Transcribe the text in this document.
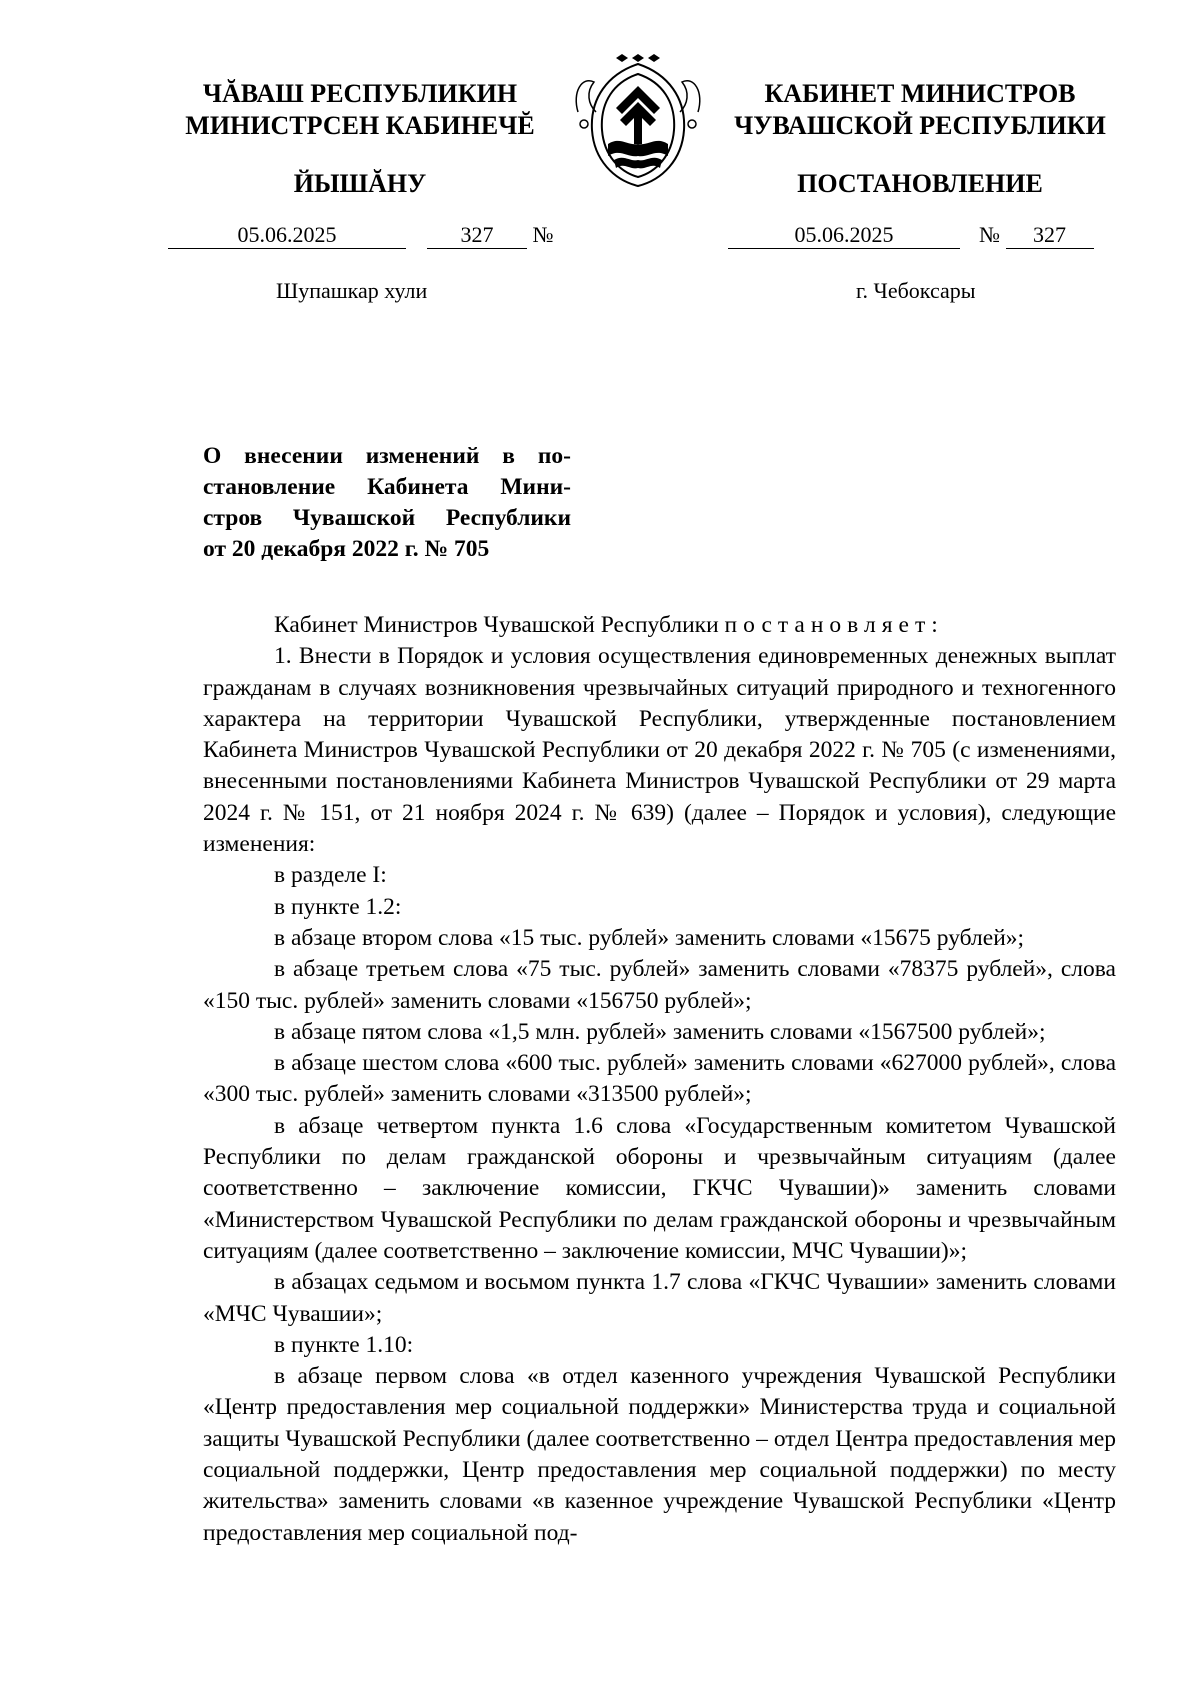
ЧĂВАШ РЕСПУБЛИКИН
МИНИСТРСЕН КАБИНЕЧĔ
ЙЫШĂНУ
КАБИНЕТ МИНИСТРОВ
ЧУВАШСКОЙ РЕСПУБЛИКИ
ПОСТАНОВЛЕНИЕ
05.06.2025	327 №	05.06.2025	№ 327
Шупашкар хули	г. Чебоксары
О внесении изменений в по-
становление Кабинета Мини-
стров Чувашской Республики
от 20 декабря 2022 г. № 705

Кабинет Министров Чувашской Республики постановляет:

1. Внести в Порядок и условия осуществления единовременных денежных выплат гражданам в случаях возникновения чрезвычайных ситуаций природного и техногенного характера на территории Чувашской Республики, утвержденные постановлением Кабинета Министров Чувашской Республики от 20 декабря 2022 г. № 705 (с изменениями, внесенными постановлениями Кабинета Министров Чувашской Республики от 29 марта 2024 г. № 151, от 21 ноября 2024 г. № 639) (далее – Порядок и условия), следующие изменения:

в разделе I:

в пункте 1.2:

в абзаце втором слова «15 тыс. рублей» заменить словами «15675 рублей»;

в абзаце третьем слова «75 тыс. рублей» заменить словами «78375 рублей», слова «150 тыс. рублей» заменить словами «156750 рублей»;

в абзаце пятом слова «1,5 млн. рублей» заменить словами «1567500 рублей»;

в абзаце шестом слова «600 тыс. рублей» заменить словами «627000 рублей», слова «300 тыс. рублей» заменить словами «313500 рублей»;

в абзаце четвертом пункта 1.6 слова «Государственным комитетом Чувашской Республики по делам гражданской обороны и чрезвычайным ситуациям (далее соответственно – заключение комиссии, ГКЧС Чувашии)» заменить словами «Министерством Чувашской Республики по делам гражданской обороны и чрезвычайным ситуациям (далее соответственно – заключение комиссии, МЧС Чувашии)»;

в абзацах седьмом и восьмом пункта 1.7 слова «ГКЧС Чувашии» заменить словами «МЧС Чувашии»;

в пункте 1.10:

в абзаце первом слова «в отдел казенного учреждения Чувашской Республики «Центр предоставления мер социальной поддержки» Министерства труда и социальной защиты Чувашской Республики (далее соответственно – отдел Центра предоставления мер социальной поддержки, Центр предоставления мер социальной поддержки) по месту жительства» заменить словами «в казенное учреждение Чувашской Республики «Центр предоставления мер социальной под-
